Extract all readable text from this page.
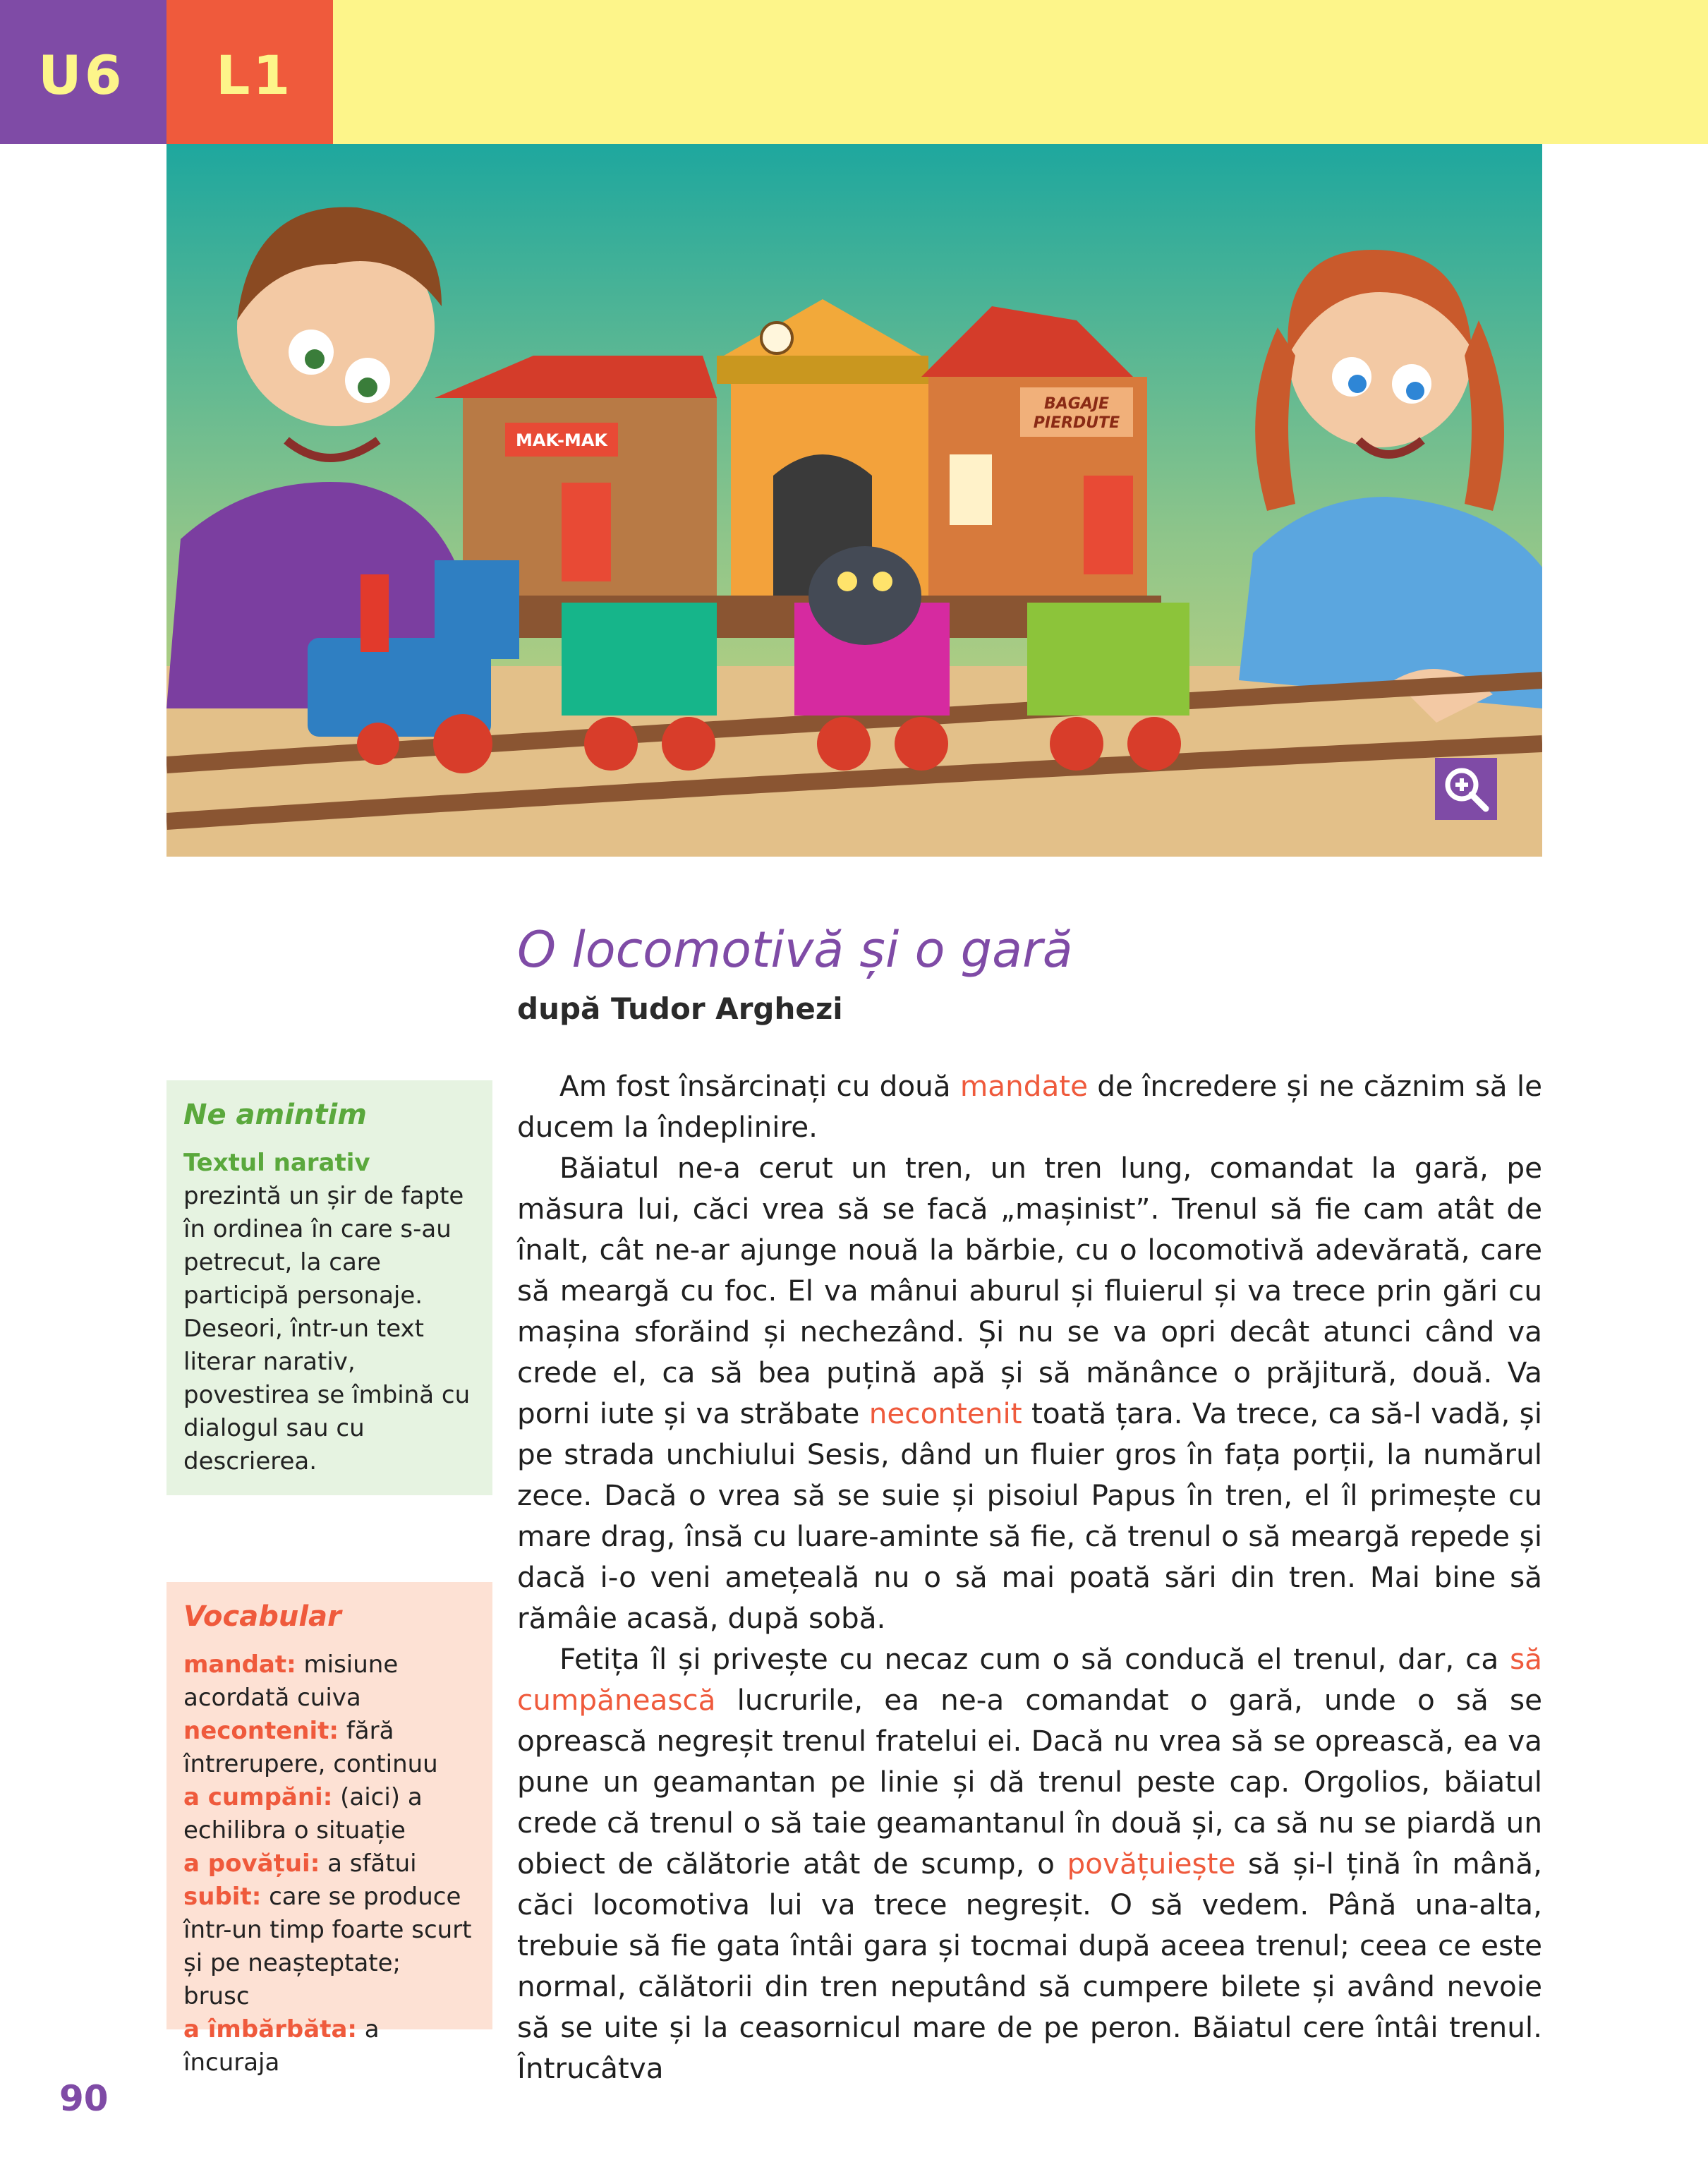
U6 L1
MAK-MAK
BAGAJE
PIERDUTE
O locomotivă și o gară
după Tudor Arghezi
Ne amintim
Textul narativ
prezintă un șir de fapte în ordinea în care s-au petrecut, la care participă personaje. Deseori, într-un text literar narativ, povestirea se îmbină cu dialogul sau cu descrierea.
Vocabular
mandat: misiune acordată cuiva
necontenit: fără întrerupere, continuu
a cumpăni: (aici) a echilibra o situație
a povățui: a sfătui
subit: care se produce într-un timp foarte scurt și pe neașteptate; brusc
a îmbărbăta: a încuraja

Am fost însărcinați cu două mandate de încredere și ne căznim să le ducem la îndeplinire.

Băiatul ne-a cerut un tren, un tren lung, comandat la gară, pe măsura lui, căci vrea să se facă „mașinist”. Trenul să fie cam atât de înalt, cât ne-ar ajunge nouă la bărbie, cu o locomotivă adevărată, care să meargă cu foc. El va mânui aburul și fluierul și va trece prin gări cu mașina sforăind și nechezând. Și nu se va opri decât atunci când va crede el, ca să bea puțină apă și să mănânce o prăjitură, două. Va porni iute și va străbate necontenit toată țara. Va trece, ca să-l vadă, și pe strada unchiului Sesis, dând un fluier gros în fața porții, la numărul zece. Dacă o vrea să se suie și pisoiul Papus în tren, el îl primește cu mare drag, însă cu luare-aminte să fie, că trenul o să meargă repede și dacă i-o veni amețeală nu o să mai poată sări din tren. Mai bine să rămâie acasă, după sobă.

Fetița îl și privește cu necaz cum o să conducă el trenul, dar, ca să cumpănească lucrurile, ea ne-a comandat o gară, unde o să se oprească negreșit trenul fratelui ei. Dacă nu vrea să se oprească, ea va pune un geamantan pe linie și dă trenul peste cap. Orgolios, băiatul crede că trenul o să taie geamantanul în două și, ca să nu se piardă un obiect de călătorie atât de scump, o povățuiește să și-l țină în mână, căci locomotiva lui va trece negreșit. O să vedem. Până una-alta, trebuie să fie gata întâi gara și tocmai după aceea trenul; ceea ce este normal, călătorii din tren neputând să cumpere bilete și având nevoie să se uite și la ceasornicul mare de pe peron. Băiatul cere întâi trenul. Întrucâtva

90
